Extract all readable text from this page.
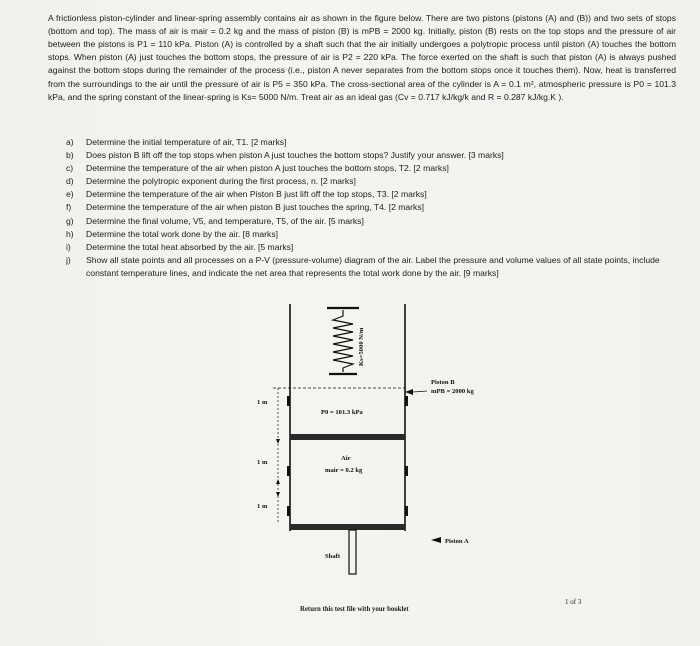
A frictionless piston-cylinder and linear-spring assembly contains air as shown in the figure below. There are two pistons (pistons (A) and (B)) and two sets of stops (bottom and top). The mass of air is mair = 0.2 kg and the mass of piston (B) is mPB = 2000 kg. Initially, piston (B) rests on the top stops and the pressure of air between the pistons is P1 = 110 kPa. Piston (A) is controlled by a shaft such that the air initially undergoes a polytropic process until piston (A) touches the bottom stops. When piston (A) just touches the bottom stops, the pressure of air is P2 = 220 kPa. The force exerted on the shaft is such that piston (A) is always pushed against the bottom stops during the remainder of the process (i.e., piston A never separates from the bottom stops once it touches them). Now, heat is transferred from the surroundings to the air until the pressure of air is P5 = 350 kPa. The cross-sectional area of the cylinder is A = 0.1 m², atmospheric pressure is P0 = 101.3 kPa, and the spring constant of the linear-spring is Ks= 5000 N/m. Treat air as an ideal gas (Cv = 0.717 kJ/kg/k and R = 0.287 kJ/kg.K ).

a)	Determine the initial temperature of air, T1. [2 marks]
b)	Does piston B lift off the top stops when piston A just touches the bottom stops? Justify your answer. [3 marks]
c)	Determine the temperature of the air when piston A just touches the bottom stops, T2. [2 marks]
d)	Determine the polytropic exponent during the first process, n. [2 marks]
e)	Determine the temperature of the air when Piston B just lift off the top stops, T3. [2 marks]
f)	Determine the temperature of the air when piston B just touches the spring, T4. [2 marks]
g)	Determine the final volume, V5, and temperature, T5, of the air. [5 marks]
h)	Determine the total work done by the air. [8 marks]
i)	Determine the total heat absorbed by the air. [5 marks]
j)	Show all state points and all processes on a P-V (pressure-volume) diagram of the air. Label the pressure and volume values of all state points, include constant temperature lines, and indicate the net area that represents the total work done by the air. [9 marks]
Ks=5000 N/m
Piston B
mPB = 2000 kg
P0 = 101.3 kPa
1 m
1 m
1 m
Air
mair = 0.2 kg
Piston A
Shaft
Return this test file with your booklet
1 of 3
